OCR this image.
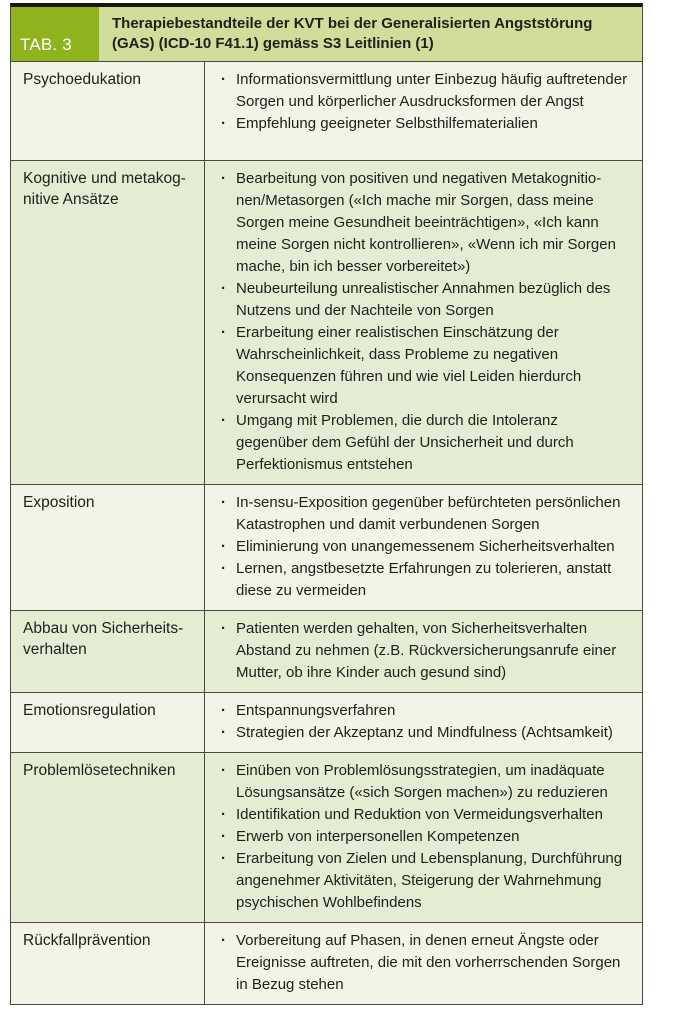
TAB. 3
Therapiebestandteile der KVT bei der Generalisierten Angststörung (GAS) (ICD-10 F41.1) gemäss S3 Leitlinien (1)
Psychoedukation	· Informationsvermittlung unter Einbezug häufig auftretender Sorgen und körperlicher Ausdrucksformen der Angst
· Empfehlung geeigneter Selbsthilfematerialien
Kognitive und metakognitive Ansätze
· Bearbeitung von positiven und negativen Metakognitionen/Metasorgen («Ich mache mir Sorgen, dass meine Sorgen meine Gesundheit beeinträchtigen», «Ich kann meine Sorgen nicht kontrollieren», «Wenn ich mir Sorgen mache, bin ich besser vorbereitet»)
· Neubeurteilung unrealistischer Annahmen bezüglich des Nutzens und der Nachteile von Sorgen
· Erarbeitung einer realistischen Einschätzung der Wahrscheinlichkeit, dass Probleme zu negativen Konsequenzen führen und wie viel Leiden hierdurch verursacht wird
· Umgang mit Problemen, die durch die Intoleranz gegenüber dem Gefühl der Unsicherheit und durch Perfektionismus entstehen
Exposition	· In-sensu-Exposition gegenüber befürchteten persönlichen Katastrophen und damit verbundenen Sorgen
· Eliminierung von unangemessenem Sicherheitsverhalten
· Lernen, angstbesetzte Erfahrungen zu tolerieren, anstatt diese zu vermeiden
Abbau von Sicherheitsverhalten
· Patienten werden gehalten, von Sicherheitsverhalten Abstand zu nehmen (z.B. Rückversicherungsanrufe einer Mutter, ob ihre Kinder auch gesund sind)
Emotionsregulation	· Entspannungsverfahren
· Strategien der Akzeptanz und Mindfulness (Achtsamkeit)
Problemlösetechniken	· Einüben von Problemlösungsstrategien, um inadäquate Lösungsansätze («sich Sorgen machen») zu reduzieren
· Identifikation und Reduktion von Vermeidungsverhalten
· Erwerb von interpersonellen Kompetenzen
· Erarbeitung von Zielen und Lebensplanung, Durchführung angenehmer Aktivitäten, Steigerung der Wahrnehmung psychischen Wohlbefindens
Rückfallprävention	· Vorbereitung auf Phasen, in denen erneut Ängste oder Ereignisse auftreten, die mit den vorherrschenden Sorgen in Bezug stehen
